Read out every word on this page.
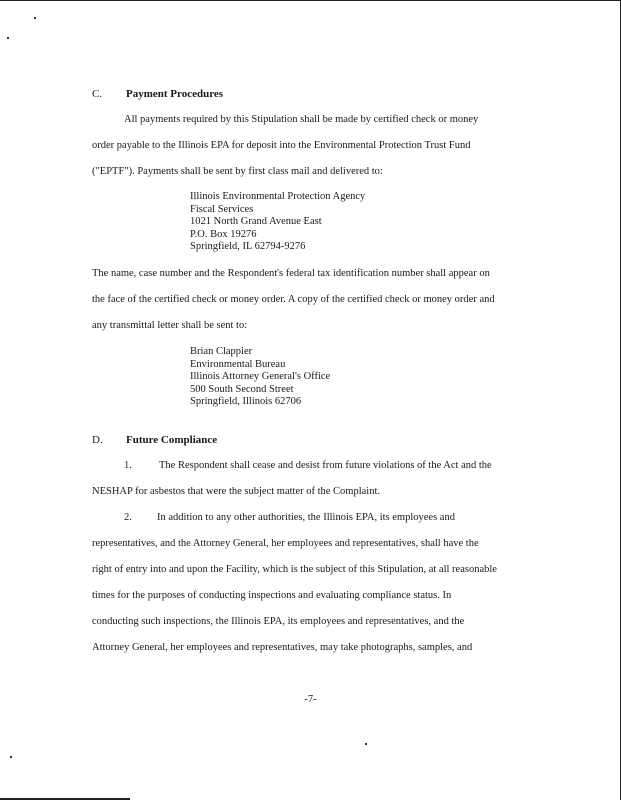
C. Payment Procedures
All payments required by this Stipulation shall be made by certified check or money
order payable to the Illinois EPA for deposit into the Environmental Protection Trust Fund
("EPTF"). Payments shall be sent by first class mail and delivered to:
Illinois Environmental Protection Agency
Fiscal Services
1021 North Grand Avenue East
P.O. Box 19276
Springfield, IL 62794-9276
The name, case number and the Respondent's federal tax identification number shall appear on
the face of the certified check or money order. A copy of the certified check or money order and
any transmittal letter shall be sent to:
Brian Clappier
Environmental Bureau
Illinois Attorney General's Office
500 South Second Street
Springfield, Illinois 62706
D. Future Compliance
1.	The Respondent shall cease and desist from future violations of the Act and the
NESHAP for asbestos that were the subject matter of the Complaint.
2. In addition to any other authorities, the Illinois EPA, its employees and
representatives, and the Attorney General, her employees and representatives, shall have the
right of entry into and upon the Facility, which is the subject of this Stipulation, at all reasonable
times for the purposes of conducting inspections and evaluating compliance status. In
conducting such inspections, the Illinois EPA, its employees and representatives, and the
Attorney General, her employees and representatives, may take photographs, samples, and
-7-
